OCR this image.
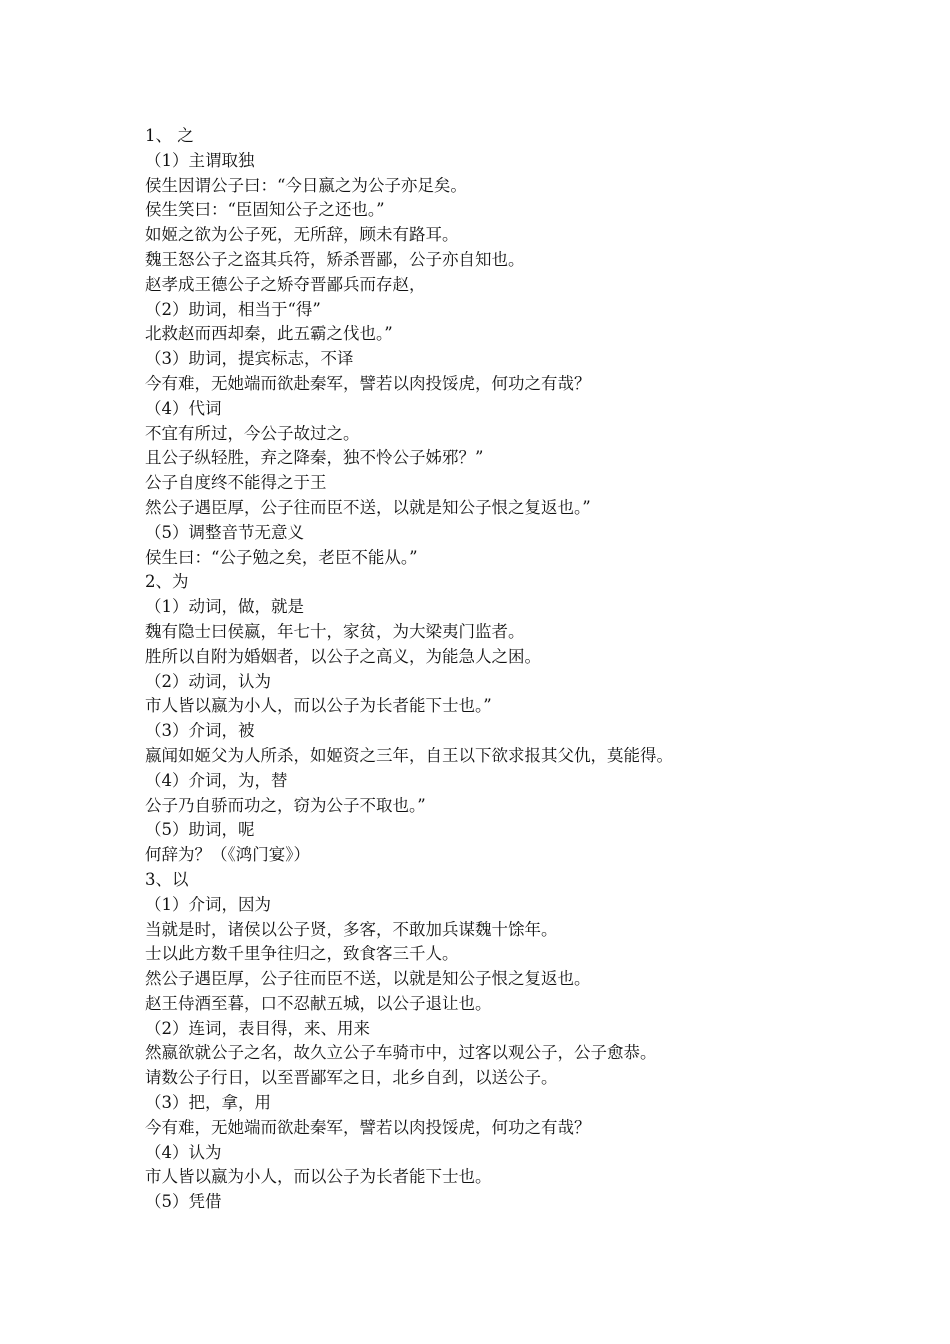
1、 之
（1）主谓取独
侯生因谓公子曰：“今日嬴之为公子亦足矣。
侯生笑曰：“臣固知公子之还也。”
如姬之欲为公子死，无所辞，顾未有路耳。
魏王怒公子之盗其兵符，矫杀晋鄙，公子亦自知也。
赵孝成王德公子之矫夺晋鄙兵而存赵，
（2）助词，相当于“得”
北救赵而西却秦，此五霸之伐也。”
（3）助词，提宾标志，不译
今有难，无她端而欲赴秦军，譬若以肉投馁虎，何功之有哉？
（4）代词
不宜有所过，今公子故过之。
且公子纵轻胜，弃之降秦，独不怜公子姊邪？”
公子自度终不能得之于王
然公子遇臣厚，公子往而臣不送，以就是知公子恨之复返也。”
（5）调整音节无意义
侯生曰：“公子勉之矣，老臣不能从。”
2、为
（1）动词，做，就是
魏有隐士曰侯嬴，年七十，家贫，为大梁夷门监者。
胜所以自附为婚姻者，以公子之高义，为能急人之困。
（2）动词，认为
市人皆以嬴为小人，而以公子为长者能下士也。”
（3）介词，被
嬴闻如姬父为人所杀，如姬资之三年，自王以下欲求报其父仇，莫能得。
（4）介词，为，替
公子乃自骄而功之，窃为公子不取也。”
（5）助词，呢
何辞为？（《鸿门宴》）
3、以
（1）介词，因为
当就是时，诸侯以公子贤，多客，不敢加兵谋魏十馀年。
士以此方数千里争往归之，致食客三千人。
然公子遇臣厚，公子往而臣不送，以就是知公子恨之复返也。
赵王侍酒至暮，口不忍献五城，以公子退让也。
（2）连词，表目得，来、用来
然嬴欲就公子之名，故久立公子车骑市中，过客以观公子，公子愈恭。
请数公子行日，以至晋鄙军之日，北乡自刭，以送公子。
（3）把，拿，用
今有难，无她端而欲赴秦军，譬若以肉投馁虎，何功之有哉？
（4）认为
市人皆以嬴为小人，而以公子为长者能下士也。
（5）凭借
